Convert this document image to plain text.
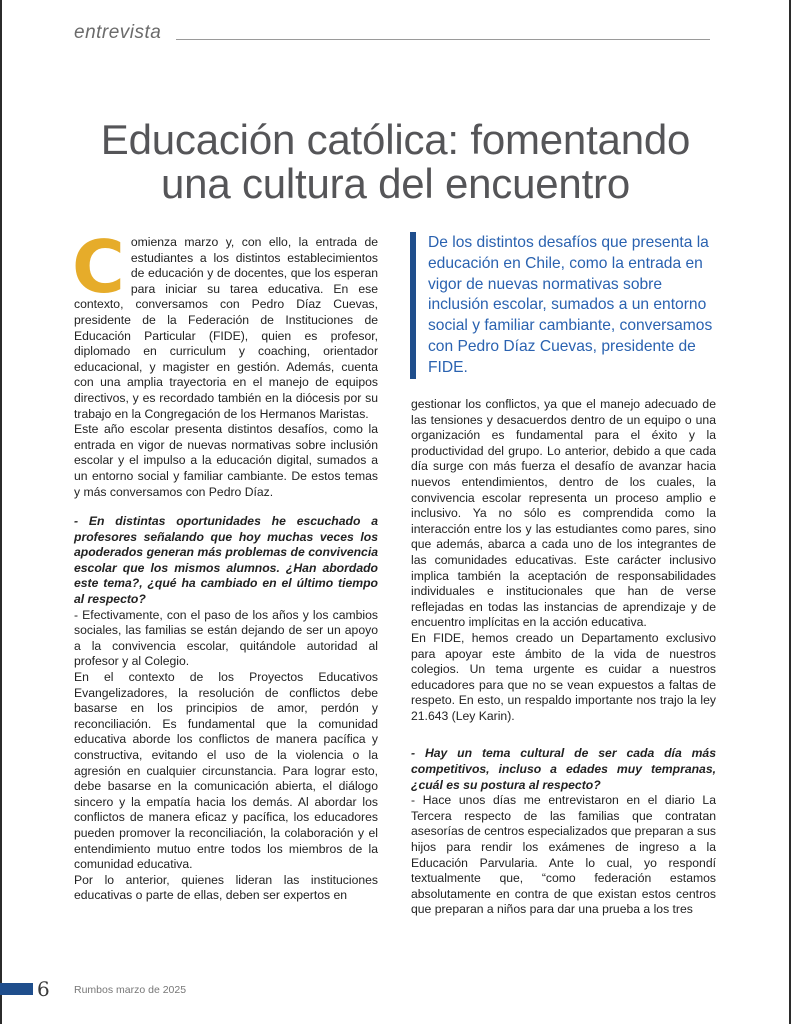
entrevista
Educación católica: fomentando
una cultura del encuentro

Comienza marzo y, con ello, la entrada de estudiantes a los distintos establecimientos de educación y de docentes, que los esperan para iniciar su tarea educativa. En ese contexto, conversamos con Pedro Díaz Cuevas, presidente de la Federación de Instituciones de Educación Particular (FIDE), quien es profesor, diplomado en curriculum y coaching, orientador educacional, y magister en gestión. Además, cuenta con una amplia trayectoria en el manejo de equipos directivos, y es recordado también en la diócesis por su trabajo en la Congregación de los Hermanos Maristas.

Este año escolar presenta distintos desafíos, como la entrada en vigor de nuevas normativas sobre inclusión escolar y el impulso a la educación digital, sumados a un entorno social y familiar cambiante. De estos temas y más conversamos con Pedro Díaz.

- En distintas oportunidades he escuchado a profesores señalando que hoy muchas veces los apoderados generan más problemas de convivencia escolar que los mismos alumnos. ¿Han abordado este tema?, ¿qué ha cambiado en el último tiempo al respecto?

- Efectivamente, con el paso de los años y los cambios sociales, las familias se están dejando de ser un apoyo a la convivencia escolar, quitándole autoridad al profesor y al Colegio.

En el contexto de los Proyectos Educativos Evangelizadores, la resolución de conflictos debe basarse en los principios de amor, perdón y reconciliación. Es fundamental que la comunidad educativa aborde los conflictos de manera pacífica y constructiva, evitando el uso de la violencia o la agresión en cualquier circunstancia. Para lograr esto, debe basarse en la comunicación abierta, el diálogo sincero y la empatía hacia los demás. Al abordar los conflictos de manera eficaz y pacífica, los educadores pueden promover la reconciliación, la colaboración y el entendimiento mutuo entre todos los miembros de la comunidad educativa.

Por lo anterior, quienes lideran las instituciones educativas o parte de ellas, deben ser expertos en

De los distintos desafíos que presenta la educación en Chile, como la entrada en vigor de nuevas normativas sobre inclusión escolar, sumados a un entorno social y familiar cambiante, conversamos con Pedro Díaz Cuevas, presidente de FIDE.

gestionar los conflictos, ya que el manejo adecuado de las tensiones y desacuerdos dentro de un equipo o una organización es fundamental para el éxito y la productividad del grupo. Lo anterior, debido a que cada día surge con más fuerza el desafío de avanzar hacia nuevos entendimientos, dentro de los cuales, la convivencia escolar representa un proceso amplio e inclusivo. Ya no sólo es comprendida como la interacción entre los y las estudiantes como pares, sino que además, abarca a cada uno de los integrantes de las comunidades educativas. Este carácter inclusivo implica también la aceptación de responsabilidades individuales e institucionales que han de verse reflejadas en todas las instancias de aprendizaje y de encuentro implícitas en la acción educativa.

En FIDE, hemos creado un Departamento exclusivo para apoyar este ámbito de la vida de nuestros colegios. Un tema urgente es cuidar a nuestros educadores para que no se vean expuestos a faltas de respeto. En esto, un respaldo importante nos trajo la ley 21.643 (Ley Karin).

- Hay un tema cultural de ser cada día más competitivos, incluso a edades muy tempranas, ¿cuál es su postura al respecto?

- Hace unos días me entrevistaron en el diario La Tercera respecto de las familias que contratan asesorías de centros especializados que preparan a sus hijos para rendir los exámenes de ingreso a la Educación Parvularia. Ante lo cual, yo respondí textualmente que, “como federación estamos absolutamente en contra de que existan estos centros que preparan a niños para dar una prueba a los tres

6 Rumbos marzo de 2025
